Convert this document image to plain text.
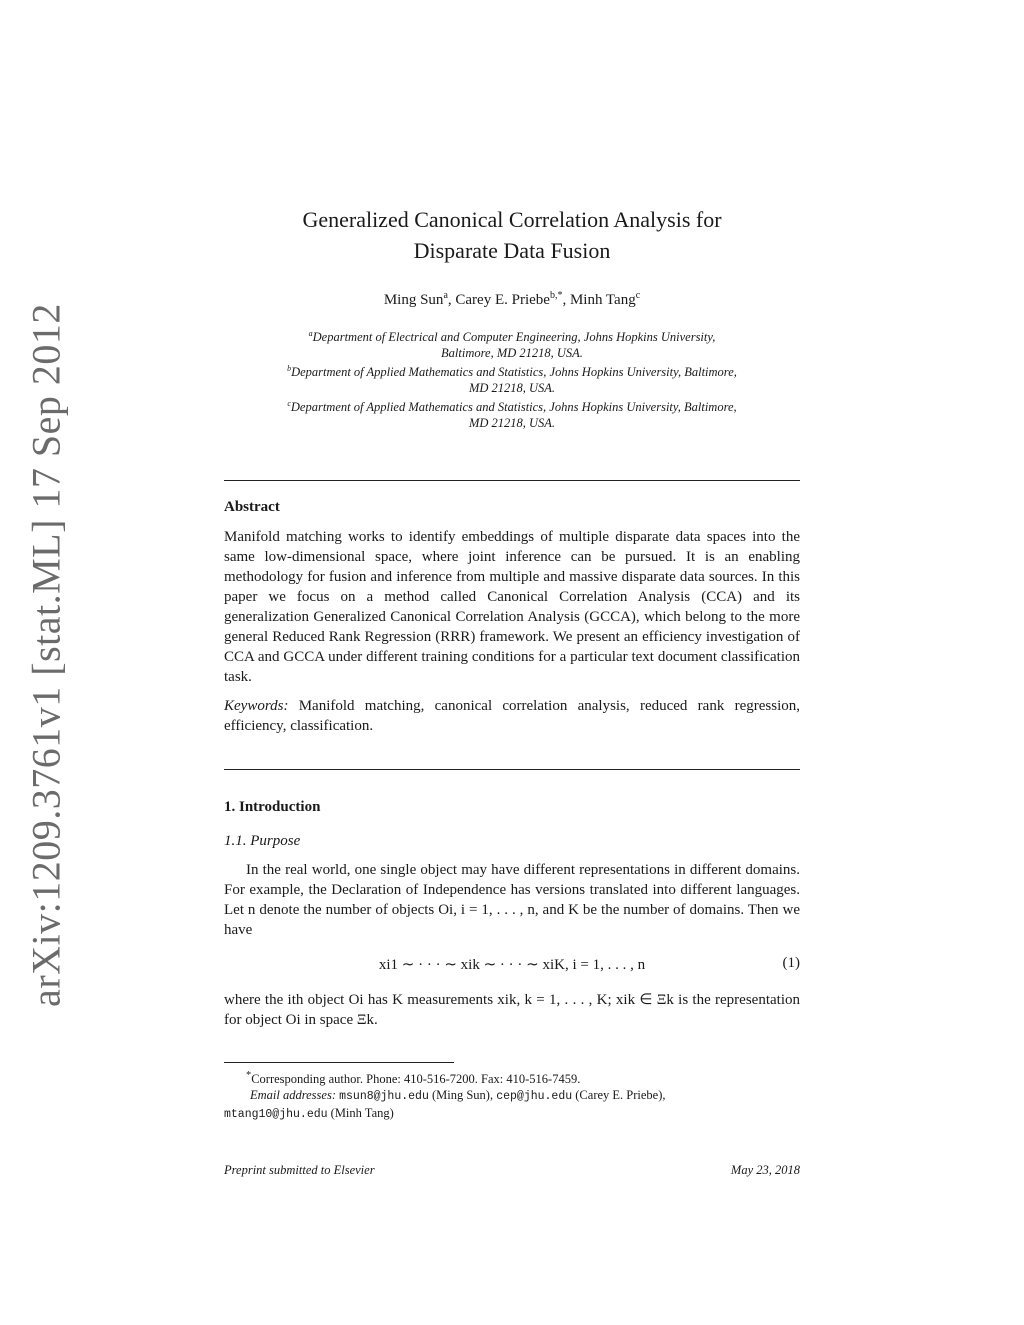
arXiv:1209.3761v1 [stat.ML] 17 Sep 2012
Generalized Canonical Correlation Analysis for
Disparate Data Fusion
Ming Sun$^a$, Carey E. Priebe$^{b,*}$, Minh Tang$^c$
$^a$Department of Electrical and Computer Engineering, Johns Hopkins University,
Baltimore, MD 21218, USA.
$^b$Department of Applied Mathematics and Statistics, Johns Hopkins University, Baltimore,
MD 21218, USA.
$^c$Department of Applied Mathematics and Statistics, Johns Hopkins University, Baltimore,
MD 21218, USA.

Abstract

Manifold matching works to identify embeddings of multiple disparate data spaces into the same low-dimensional space, where joint inference can be pursued. It is an enabling methodology for fusion and inference from multiple and massive disparate data sources. In this paper we focus on a method called Canonical Correlation Analysis (CCA) and its generalization Generalized Canonical Correlation Analysis (GCCA), which belong to the more general Reduced Rank Regression (RRR) framework. We present an efficiency investigation of CCA and GCCA under different training conditions for a particular text document classification task.

Keywords: Manifold matching, canonical correlation analysis, reduced rank regression, efficiency, classification.

1. Introduction

1.1. Purpose

In the real world, one single object may have different representations in different domains. For example, the Declaration of Independence has versions translated into different languages. Let n denote the number of objects Oi, i = 1, . . . , n, and K be the number of domains. Then we have

xi1 ∼ · · · ∼ xik ∼ · · · ∼ xiK, i = 1, . . . , n	(1)

where the ith object Oi has K measurements xik, k = 1, . . . , K; xik ∈ Ξk is the representation for object Oi in space Ξk.

*Corresponding author. Phone: 410-516-7200. Fax: 410-516-7459.
Email addresses: msun8@jhu.edu (Ming Sun), cep@jhu.edu (Carey E. Priebe),
mtang10@jhu.edu (Minh Tang)
Preprint submitted to Elsevier	May 23, 2018
